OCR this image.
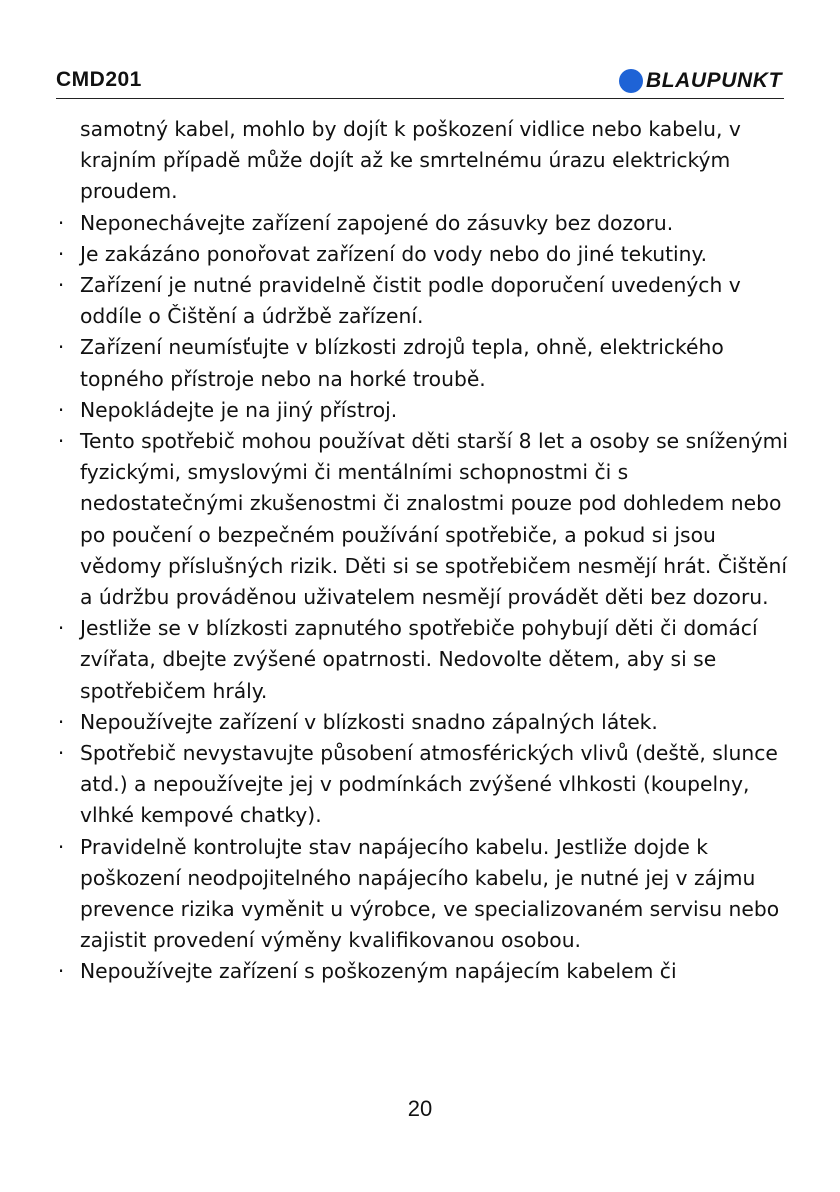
CMD201	BLAUPUNKT
samotný kabel, mohlo by dojít k poškození vidlice nebo kabelu, v krajním případě může dojít až ke smrtelnému úrazu elektrickým proudem.
· Neponechávejte zařízení zapojené do zásuvky bez dozoru.
· Je zakázáno ponořovat zařízení do vody nebo do jiné tekutiny.
· Zařízení je nutné pravidelně čistit podle doporučení uvedených v oddíle o Čištění a údržbě zařízení.
· Zařízení neumísťujte v blízkosti zdrojů tepla, ohně, elektrického topného přístroje nebo na horké troubě.
· Nepokládejte je na jiný přístroj.
· Tento spotřebič mohou používat děti starší 8 let a osoby se sníženými fyzickými, smyslovými či mentálními schopnostmi či s nedostatečnými zkušenostmi či znalostmi pouze pod dohledem nebo po poučení o bezpečném používání spotřebiče, a pokud si jsou vědomy příslušných rizik. Děti si se spotřebičem nesmějí hrát. Čištění a údržbu prováděnou uživatelem nesmějí provádět děti bez dozoru.
· Jestliže se v blízkosti zapnutého spotřebiče pohybují děti či domácí zvířata, dbejte zvýšené opatrnosti. Nedovolte dětem, aby si se spotřebičem hrály.
· Nepoužívejte zařízení v blízkosti snadno zápalných látek.
· Spotřebič nevystavujte působení atmosférických vlivů (deště, slunce atd.) a nepoužívejte jej v podmínkách zvýšené vlhkosti (koupelny, vlhké kempové chatky).
· Pravidelně kontrolujte stav napájecího kabelu. Jestliže dojde k poškození neodpojitelného napájecího kabelu, je nutné jej v zájmu prevence rizika vyměnit u výrobce, ve specializovaném servisu nebo zajistit provedení výměny kvalifikovanou osobou.
· Nepoužívejte zařízení s poškozeným napájecím kabelem či
20
